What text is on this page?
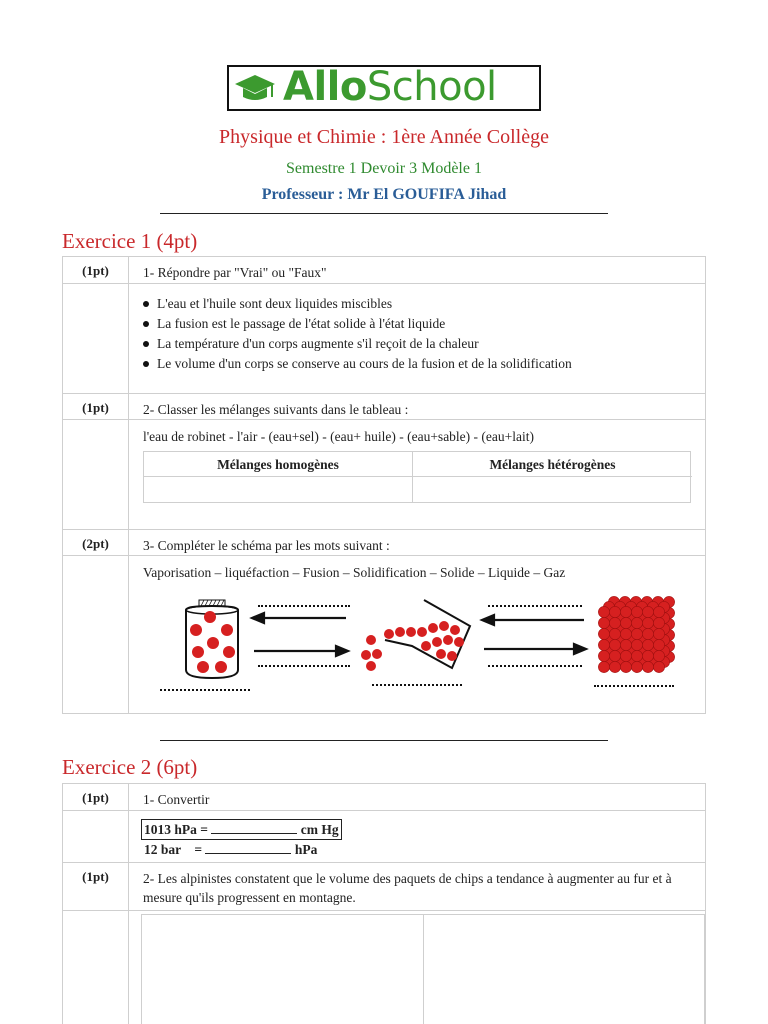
AlloSchool
Physique et Chimie : 1ère Année Collège
Semestre 1 Devoir 3 Modèle 1
Professeur : Mr El GOUFIFA Jihad
Exercice 1 (4pt)
(1pt)	1- Répondre par "Vrai" ou "Faux"
L'eau et l'huile sont deux liquides miscibles
La fusion est le passage de l'état solide à l'état liquide
La température d'un corps augmente s'il reçoit de la chaleur
Le volume d'un corps se conserve au cours de la fusion et de la solidification
(1pt)	2- Classer les mélanges suivants dans le tableau :
l'eau de robinet - l'air - (eau+sel) - (eau+ huile) - (eau+sable) - (eau+lait)
Mélanges homogènes	Mélanges hétérogènes
(2pt)	3- Compléter le schéma par les mots suivant :
Vaporisation – liquéfaction – Fusion – Solidification – Solide – Liquide – Gaz
Exercice 2 (6pt)
(1pt)	1- Convertir
1013 hPa =	cm Hg
12 bar    =	hPa
(1pt)	2- Les alpinistes constatent que le volume des paquets de chips a tendance à augmenter au fur et à mesure qu'ils progressent en montagne.
